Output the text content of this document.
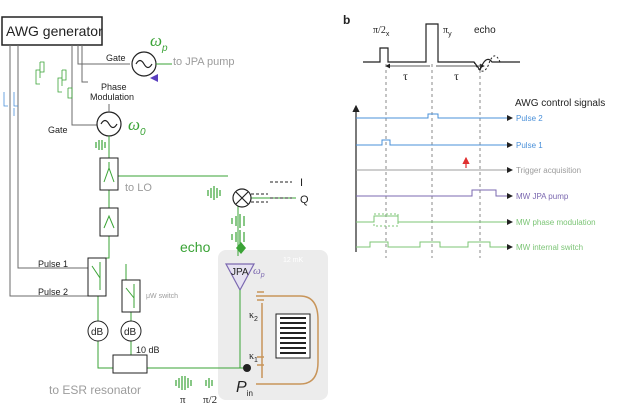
12 mK
AWG generator
Gate
$\omega_p$
to JPA pump
Phase
Modulation
Gate	$\omega_0$
to LO	I
Q
echo
JPA $\omega_p$
$\kappa_2$
$\kappa_1$
$P_{in}$
π π/2
Pulse 1
Pulse 2	μW switch
dB dB
10 dB
to ESR resonator
b
$\pi/2_x$	$\pi_y$ echo
τ	τ
AWG control signals
Pulse 2
Pulse 1
Trigger acquisition
MW JPA pump
MW phase modulation
MW internal switch
